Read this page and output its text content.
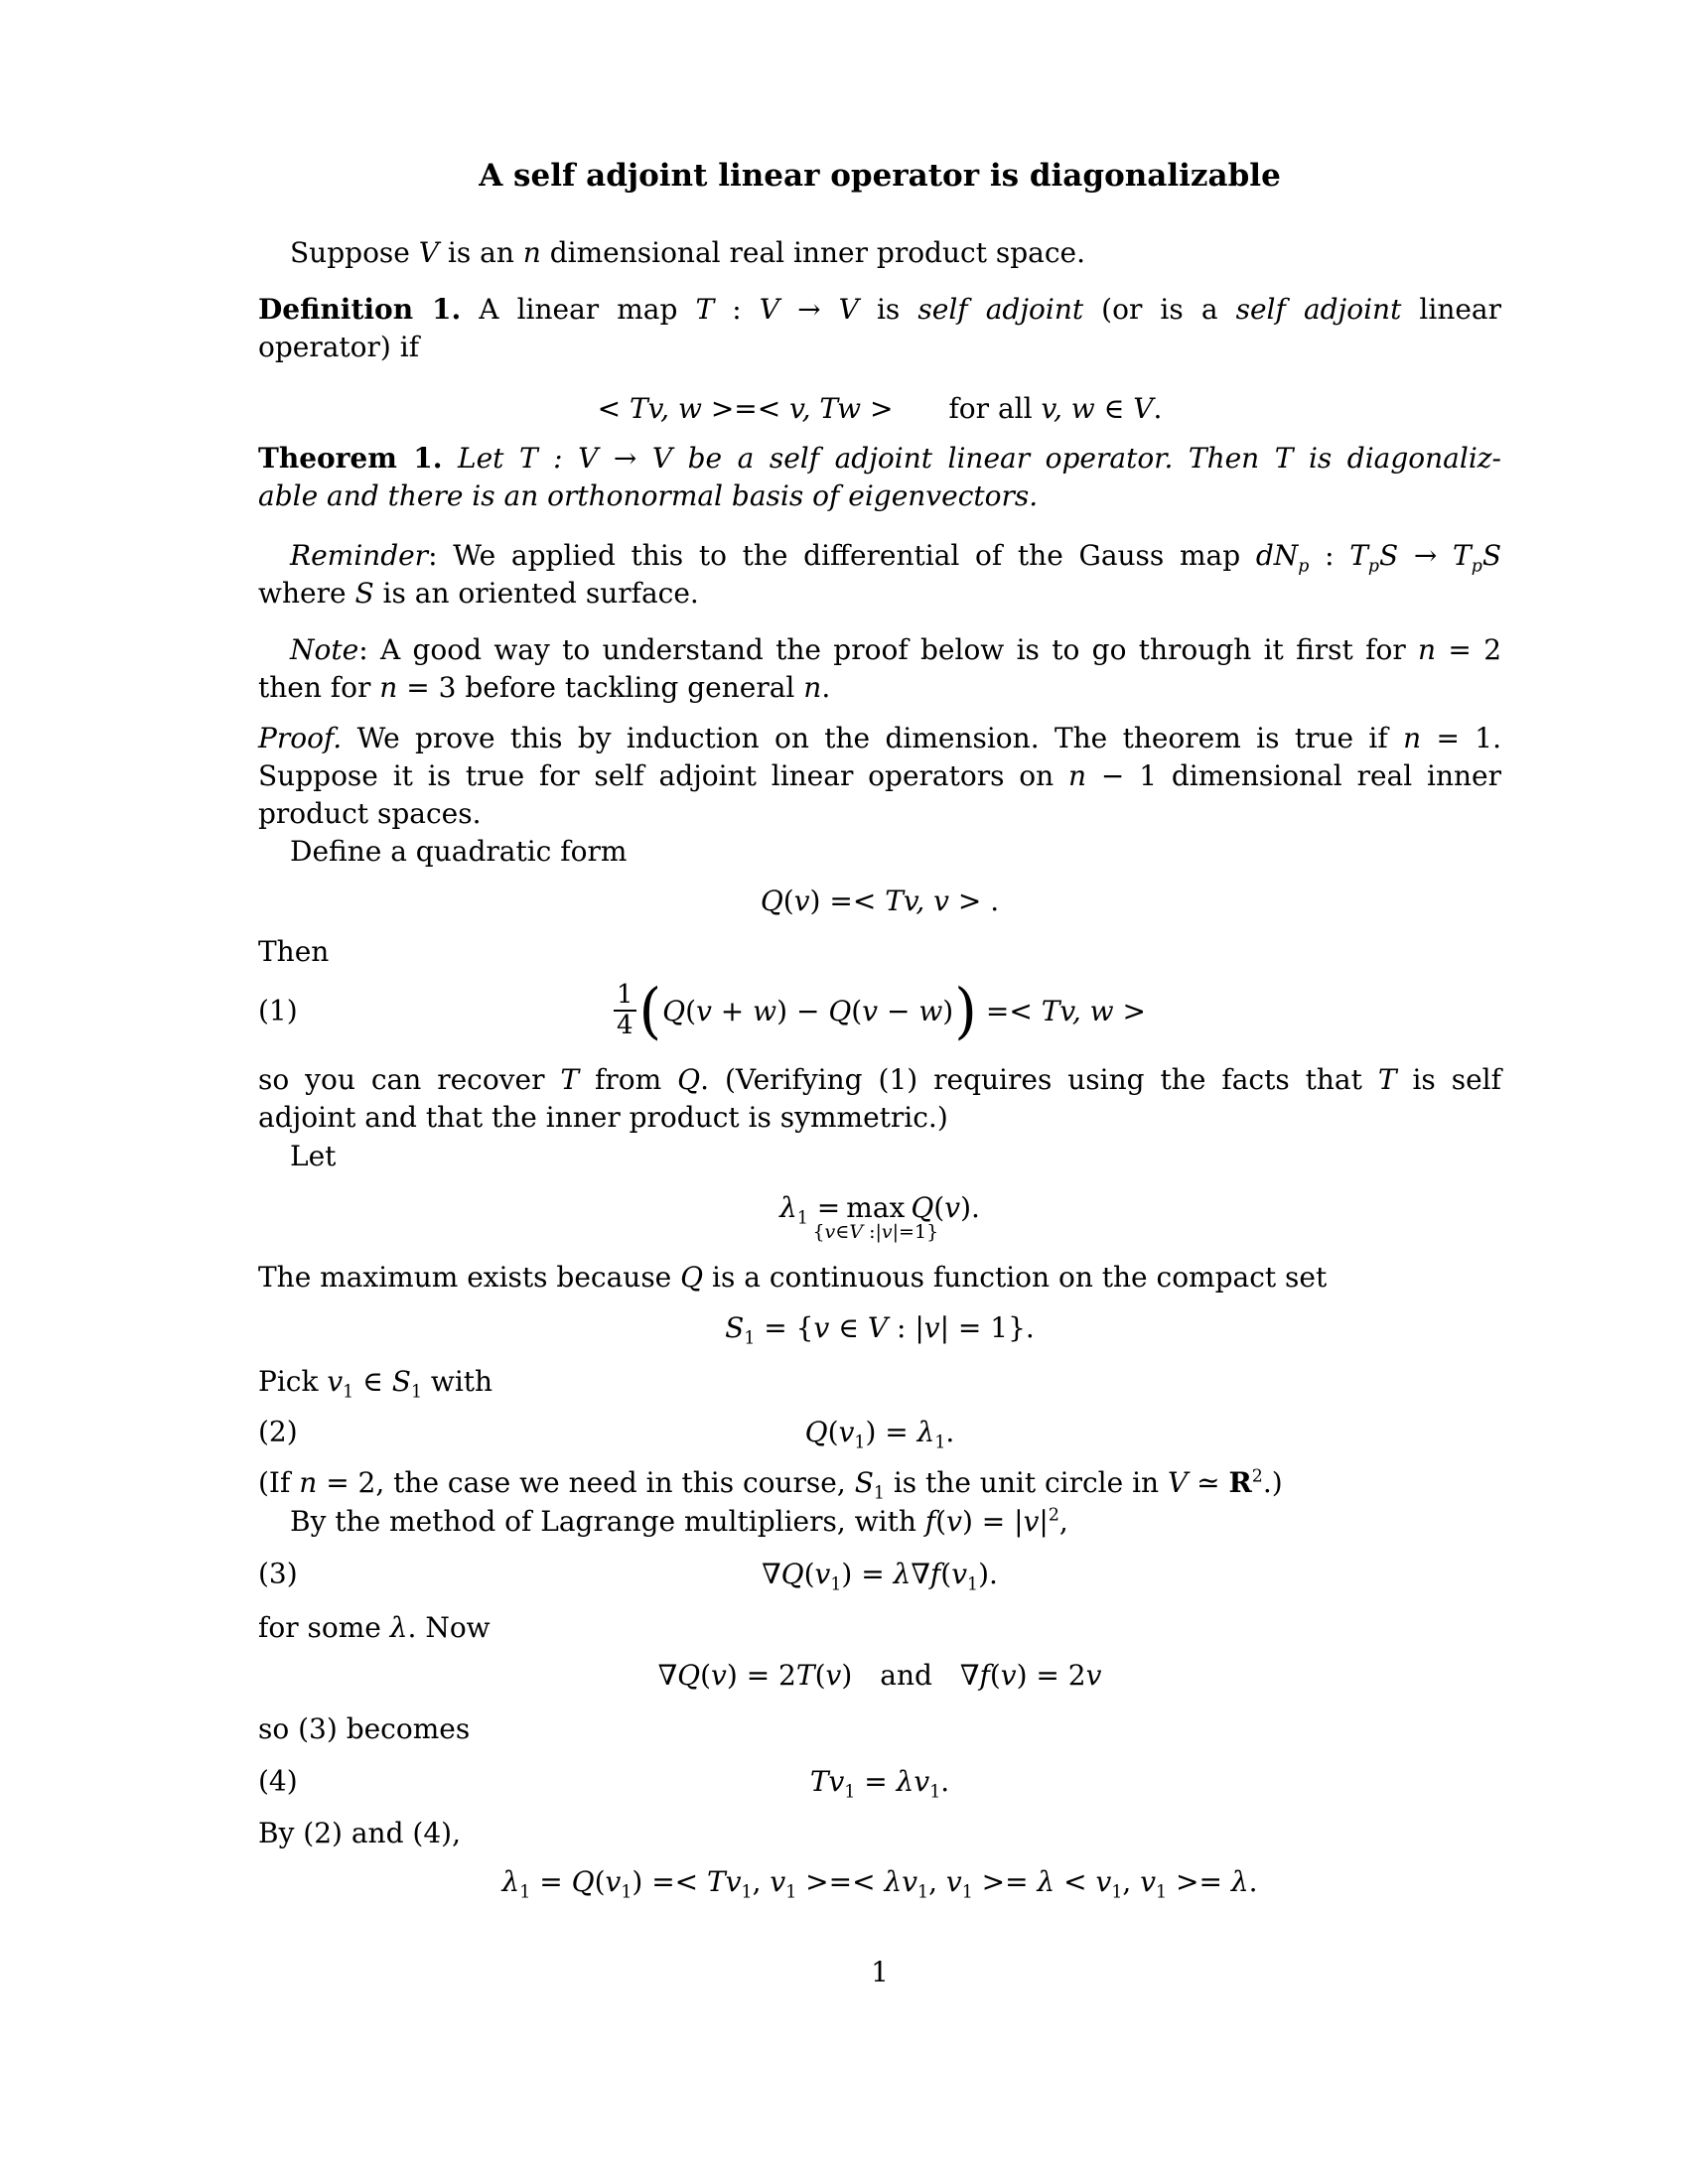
A self adjoint linear operator is diagonalizable
Suppose V is an n dimensional real inner product space.
Definition 1. A linear map T : V → V is self adjoint (or is a self adjoint linear
operator) if
< Tv, w >=< v, Tw >  for all v, w ∈ V.
Theorem 1. Let T : V → V be a self adjoint linear operator. Then T is diagonaliz-
able and there is an orthonormal basis of eigenvectors.
Reminder: We applied this to the differential of the Gauss map $dN_p$ : $T_pS \to T_pS$
where S is an oriented surface.
Note: A good way to understand the proof below is to go through it first for n = 2
then for n = 3 before tackling general n.
Proof. We prove this by induction on the dimension. The theorem is true if n = 1.
Suppose it is true for self adjoint linear operators on n − 1 dimensional real inner
product spaces.
Define a quadratic form
Q(v) =< Tv, v > .
Then
(1)	$\frac{1}{4}$ ( Q(v + w) − Q(v − w) ) =< Tv, w >
so you can recover T from Q. (Verifying (1) requires using the facts that T is self
adjoint and that the inner product is symmetric.)
Let
$\lambda_1 = \max$
{v∈V :|v|=1}
Q(v).
The maximum exists because Q is a continuous function on the compact set
$S_1 = \{v$ ∈ V : |v| = 1}.
Pick $v_1$ ∈ $S_1$ with
(2)	$Q(v_1) = \lambda_1$.
(If n = 2, the case we need in this course, $S_1$ is the unit circle in V ≃ $R^2$.)
By the method of Lagrange multipliers, with $f(v) = |v|^2$,
(3)	$\nabla Q(v_1) = \lambda\nabla f(v_1)$.
for some λ. Now
∇Q(v) = 2T(v) and ∇f(v) = 2v
so (3) becomes
(4)	$Tv_1 = \lambda v_1$.
By (2) and (4),
$\lambda_1 = Q(v_1) =< Tv_1$, $v_1$ >=< $\lambda v_1$, $v_1 >= \lambda < v_1$, $v_1 >= \lambda$.
1
